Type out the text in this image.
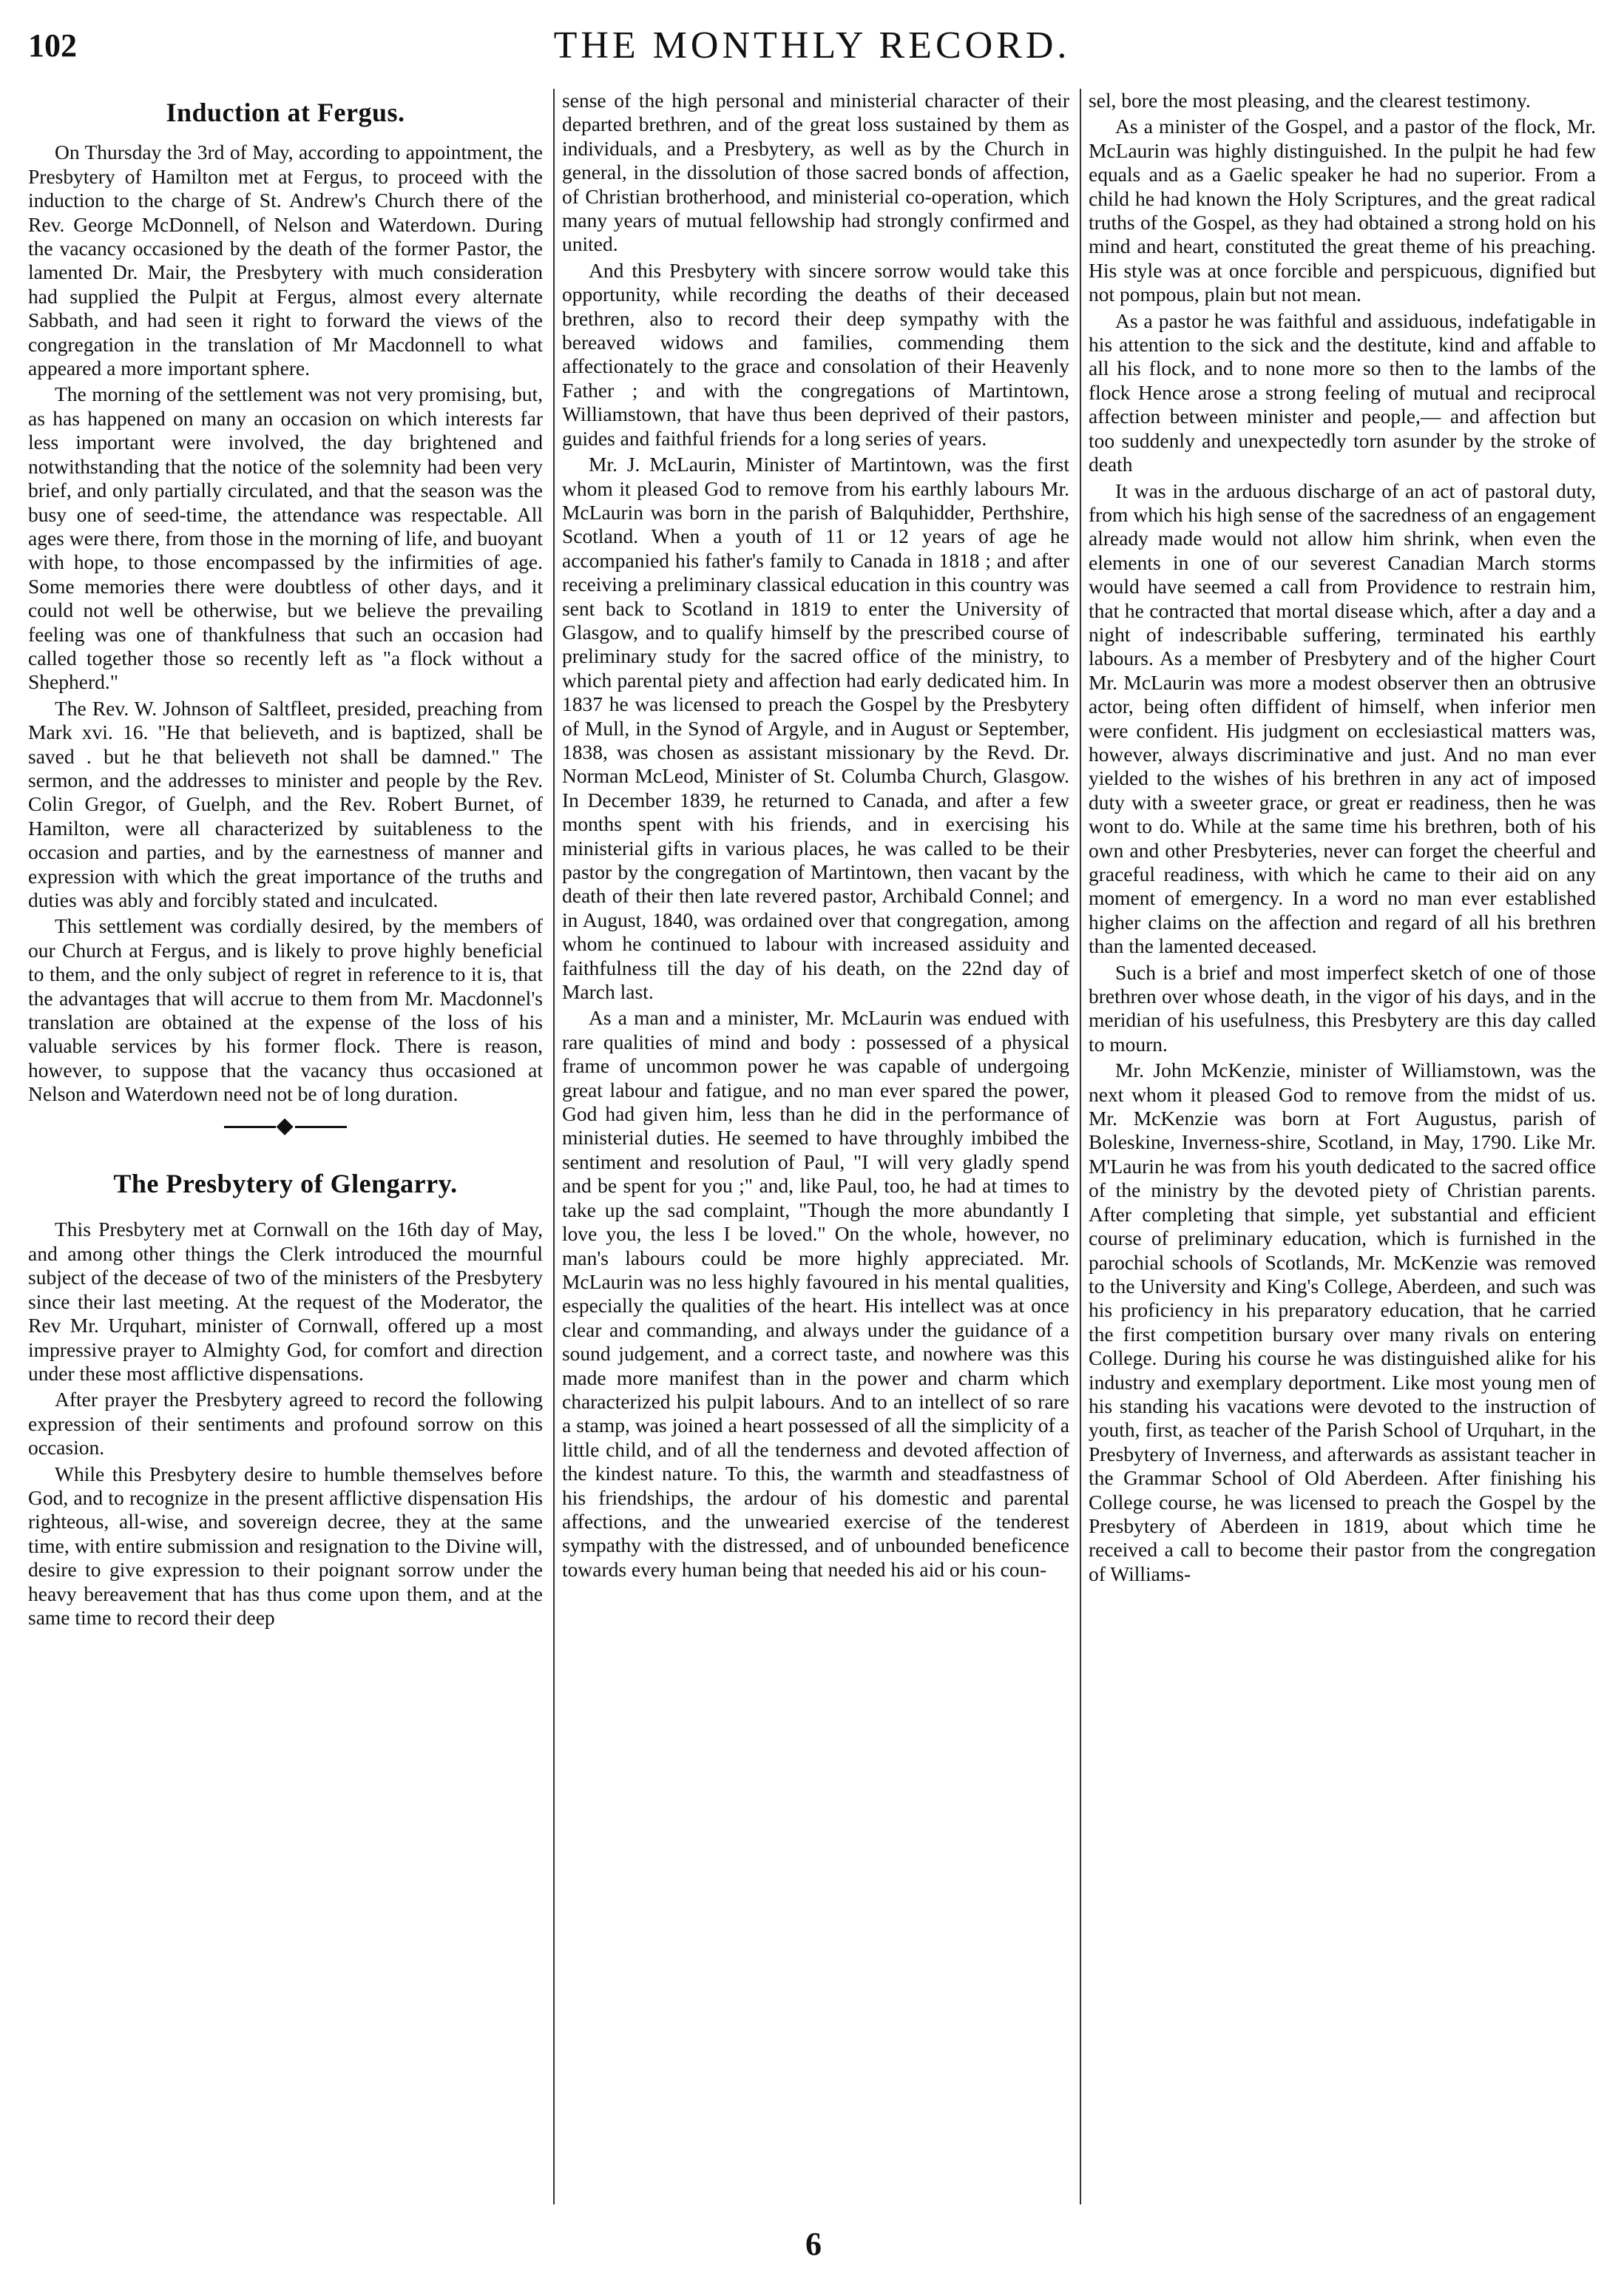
102	THE MONTHLY RECORD.
Induction at Fergus.

On Thursday the 3rd of May, according to appointment, the Presbytery of Hamilton met at Fergus, to proceed with the induction to the charge of St. Andrew's Church there of the Rev. George McDonnell, of Nelson and Waterdown. During the vacancy occasioned by the death of the former Pastor, the lamented Dr. Mair, the Presbytery with much consideration had supplied the Pulpit at Fergus, almost every alternate Sabbath, and had seen it right to forward the views of the congregation in the translation of Mr Macdonnell to what appeared a more important sphere.

The morning of the settlement was not very promising, but, as has happened on many an occasion on which interests far less important were involved, the day brightened and notwithstanding that the notice of the solemnity had been very brief, and only partially circulated, and that the season was the busy one of seed-time, the attendance was respectable. All ages were there, from those in the morning of life, and buoyant with hope, to those encompassed by the infirmities of age. Some memories there were doubtless of other days, and it could not well be otherwise, but we believe the prevailing feeling was one of thankfulness that such an occasion had called together those so recently left as "a flock without a Shepherd."

The Rev. W. Johnson of Saltfleet, presided, preaching from Mark xvi. 16. "He that believeth, and is baptized, shall be saved . but he that believeth not shall be damned." The sermon, and the addresses to minister and people by the Rev. Colin Gregor, of Guelph, and the Rev. Robert Burnet, of Hamilton, were all characterized by suitableness to the occasion and parties, and by the earnestness of manner and expression with which the great importance of the truths and duties was ably and forcibly stated and inculcated.

This settlement was cordially desired, by the members of our Church at Fergus, and is likely to prove highly beneficial to them, and the only subject of regret in reference to it is, that the advantages that will accrue to them from Mr. Macdonnel's translation are obtained at the expense of the loss of his valuable services by his former flock. There is reason, however, to suppose that the vacancy thus occasioned at Nelson and Waterdown need not be of long duration.

◆
The Presbytery of Glengarry.

This Presbytery met at Cornwall on the 16th day of May, and among other things the Clerk introduced the mournful subject of the decease of two of the ministers of the Presbytery since their last meeting. At the request of the Moderator, the Rev Mr. Urquhart, minister of Cornwall, offered up a most impressive prayer to Almighty God, for comfort and direction under these most afflictive dispensations.

After prayer the Presbytery agreed to record the following expression of their sentiments and profound sorrow on this occasion.

While this Presbytery desire to humble themselves before God, and to recognize in the present afflictive dispensation His righteous, all-wise, and sovereign decree, they at the same time, with entire submission and resignation to the Divine will, desire to give expression to their poignant sorrow under the heavy bereavement that has thus come upon them, and at the same time to record their deep

sense of the high personal and ministerial character of their departed brethren, and of the great loss sustained by them as individuals, and a Presbytery, as well as by the Church in general, in the dissolution of those sacred bonds of affection, of Christian brotherhood, and ministerial co-operation, which many years of mutual fellowship had strongly confirmed and united.

And this Presbytery with sincere sorrow would take this opportunity, while recording the deaths of their deceased brethren, also to record their deep sympathy with the bereaved widows and families, commending them affectionately to the grace and consolation of their Heavenly Father ; and with the congregations of Martintown, Williamstown, that have thus been deprived of their pastors, guides and faithful friends for a long series of years.

Mr. J. McLaurin, Minister of Martintown, was the first whom it pleased God to remove from his earthly labours Mr. McLaurin was born in the parish of Balquhidder, Perthshire, Scotland. When a youth of 11 or 12 years of age he accompanied his father's family to Canada in 1818 ; and after receiving a preliminary classical education in this country was sent back to Scotland in 1819 to enter the University of Glasgow, and to qualify himself by the prescribed course of preliminary study for the sacred office of the ministry, to which parental piety and affection had early dedicated him. In 1837 he was licensed to preach the Gospel by the Presbytery of Mull, in the Synod of Argyle, and in August or September, 1838, was chosen as assistant missionary by the Revd. Dr. Norman McLeod, Minister of St. Columba Church, Glasgow. In December 1839, he returned to Canada, and after a few months spent with his friends, and in exercising his ministerial gifts in various places, he was called to be their pastor by the congregation of Martintown, then vacant by the death of their then late revered pastor, Archibald Connel; and in August, 1840, was ordained over that congregation, among whom he continued to labour with increased assiduity and faithfulness till the day of his death, on the 22nd day of March last.

As a man and a minister, Mr. McLaurin was endued with rare qualities of mind and body : possessed of a physical frame of uncommon power he was capable of undergoing great labour and fatigue, and no man ever spared the power, God had given him, less than he did in the performance of ministerial duties. He seemed to have throughly imbibed the sentiment and resolution of Paul, "I will very gladly spend and be spent for you ;" and, like Paul, too, he had at times to take up the sad complaint, "Though the more abundantly I love you, the less I be loved." On the whole, however, no man's labours could be more highly appreciated. Mr. McLaurin was no less highly favoured in his mental qualities, especially the qualities of the heart. His intellect was at once clear and commanding, and always under the guidance of a sound judgement, and a correct taste, and nowhere was this made more manifest than in the power and charm which characterized his pulpit labours. And to an intellect of so rare a stamp, was joined a heart possessed of all the simplicity of a little child, and of all the tenderness and devoted affection of the kindest nature. To this, the warmth and steadfastness of his friendships, the ardour of his domestic and parental affections, and the unwearied exercise of the tenderest sympathy with the distressed, and of unbounded beneficence towards every human being that needed his aid or his coun-

sel, bore the most pleasing, and the clearest testimony.

As a minister of the Gospel, and a pastor of the flock, Mr. McLaurin was highly distinguished. In the pulpit he had few equals and as a Gaelic speaker he had no superior. From a child he had known the Holy Scriptures, and the great radical truths of the Gospel, as they had obtained a strong hold on his mind and heart, constituted the great theme of his preaching. His style was at once forcible and perspicuous, dignified but not pompous, plain but not mean.

As a pastor he was faithful and assiduous, indefatigable in his attention to the sick and the destitute, kind and affable to all his flock, and to none more so then to the lambs of the flock Hence arose a strong feeling of mutual and reciprocal affection between minister and people,— and affection but too suddenly and unexpectedly torn asunder by the stroke of death

It was in the arduous discharge of an act of pastoral duty, from which his high sense of the sacredness of an engagement already made would not allow him shrink, when even the elements in one of our severest Canadian March storms would have seemed a call from Providence to restrain him, that he contracted that mortal disease which, after a day and a night of indescribable suffering, terminated his earthly labours. As a member of Presbytery and of the higher Court Mr. McLaurin was more a modest observer then an obtrusive actor, being often diffident of himself, when inferior men were confident. His judgment on ecclesiastical matters was, however, always discriminative and just. And no man ever yielded to the wishes of his brethren in any act of imposed duty with a sweeter grace, or great er readiness, then he was wont to do. While at the same time his brethren, both of his own and other Presbyteries, never can forget the cheerful and graceful readiness, with which he came to their aid on any moment of emergency. In a word no man ever established higher claims on the affection and regard of all his brethren than the lamented deceased.

Such is a brief and most imperfect sketch of one of those brethren over whose death, in the vigor of his days, and in the meridian of his usefulness, this Presbytery are this day called to mourn.

Mr. John McKenzie, minister of Williamstown, was the next whom it pleased God to remove from the midst of us. Mr. McKenzie was born at Fort Augustus, parish of Boleskine, Inverness-shire, Scotland, in May, 1790. Like Mr. M'Laurin he was from his youth dedicated to the sacred office of the ministry by the devoted piety of Christian parents. After completing that simple, yet substantial and efficient course of preliminary education, which is furnished in the parochial schools of Scotlands, Mr. McKenzie was removed to the University and King's College, Aberdeen, and such was his proficiency in his preparatory education, that he carried the first competition bursary over many rivals on entering College. During his course he was distinguished alike for his industry and exemplary deportment. Like most young men of his standing his vacations were devoted to the instruction of youth, first, as teacher of the Parish School of Urquhart, in the Presbytery of Inverness, and afterwards as assistant teacher in the Grammar School of Old Aberdeen. After finishing his College course, he was licensed to preach the Gospel by the Presbytery of Aberdeen in 1819, about which time he received a call to become their pastor from the congregation of Williams-

6
